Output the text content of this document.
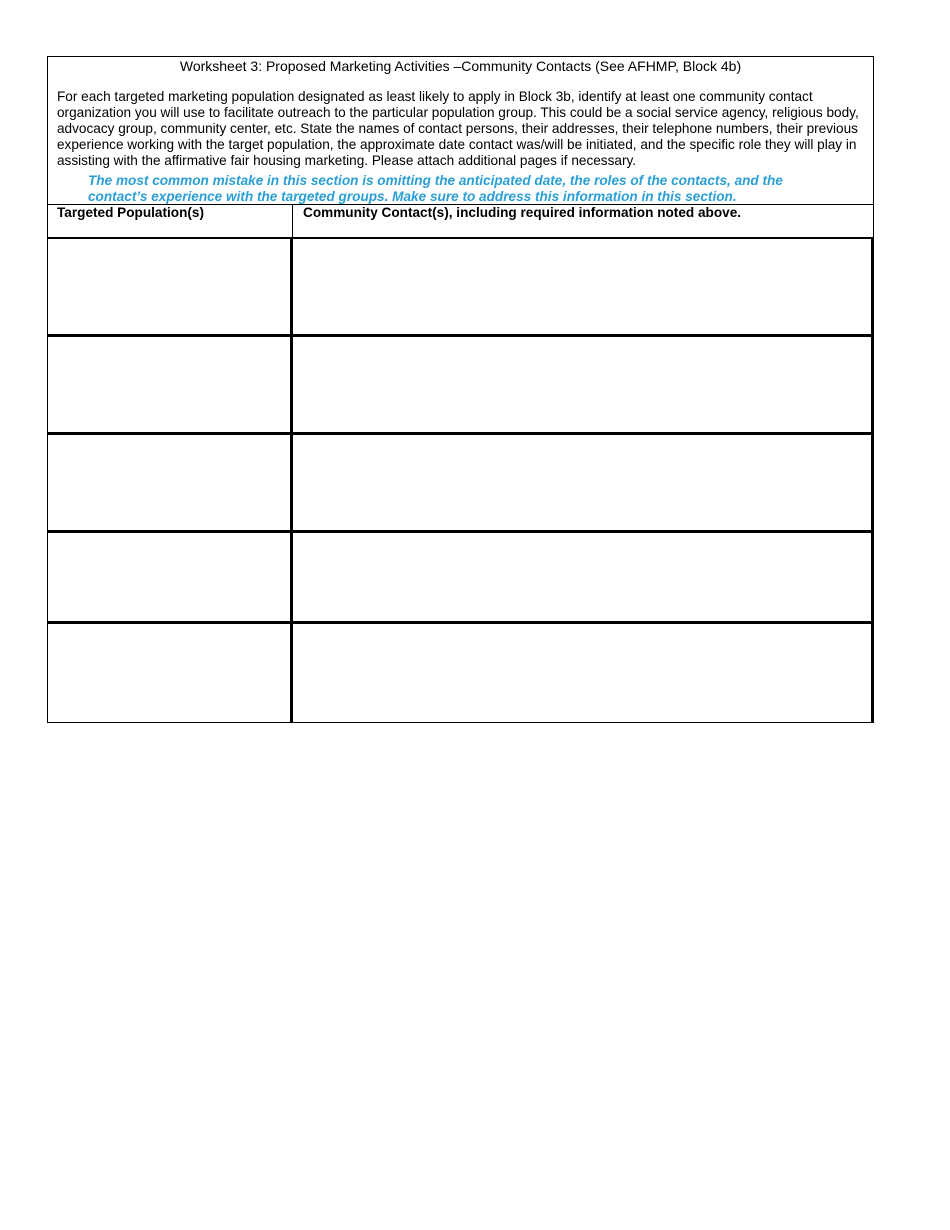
Worksheet 3: Proposed Marketing Activities –Community Contacts (See AFHMP, Block 4b)
For each targeted marketing population designated as least likely to apply in Block 3b, identify at least one community contact organization you will use to facilitate outreach to the particular population group. This could be a social service agency, religious body, advocacy group, community center, etc. State the names of contact persons, their addresses, their telephone numbers, their previous experience working with the target population, the approximate date contact was/will be initiated, and the specific role they will play in assisting with the affirmative fair housing marketing. Please attach additional pages if necessary.
The most common mistake in this section is omitting the anticipated date, the roles of the contacts, and the contact’s experience with the targeted groups. Make sure to address this information in this section.
Targeted Population(s)	Community Contact(s), including required information noted above.
